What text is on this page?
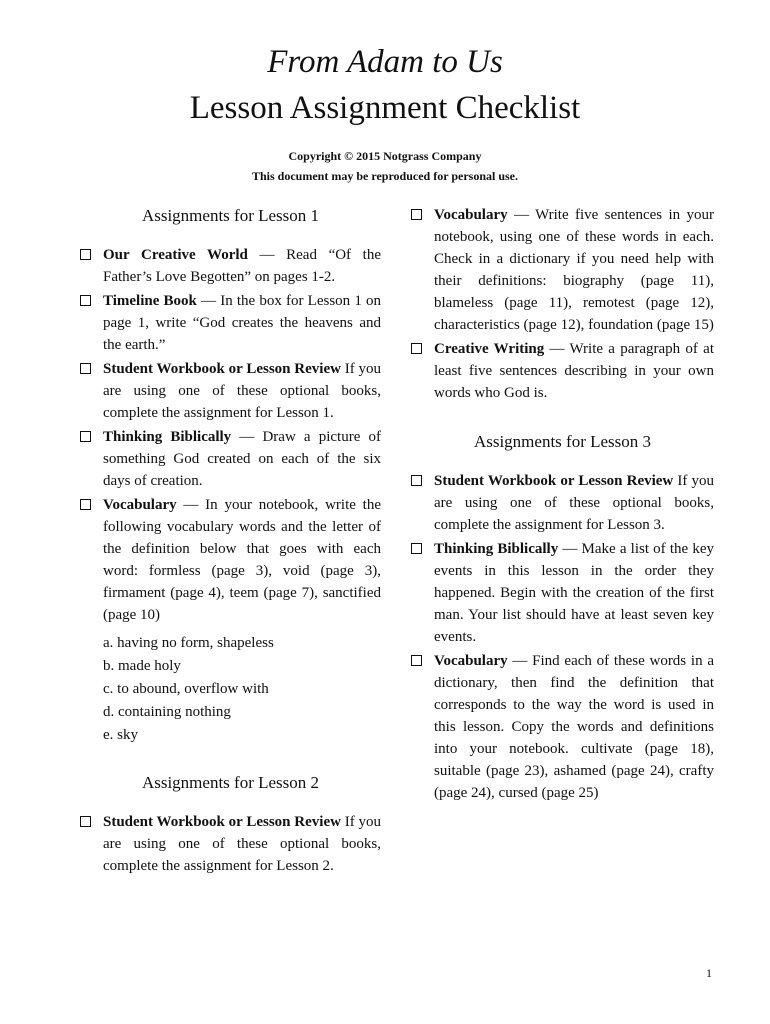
From Adam to Us
Lesson Assignment Checklist
Copyright © 2015 Notgrass Company
This document may be reproduced for personal use.

Assignments for Lesson 1

Our Creative World — Read “Of the Father’s Love Begotten” on pages 1-2.

Timeline Book — In the box for Lesson 1 on page 1, write “God creates the heavens and the earth.”

Student Workbook or Lesson Review If you are using one of these optional books, complete the assignment for Lesson 1.

Thinking Biblically — Draw a picture of something God created on each of the six days of creation.

Vocabulary — In your notebook, write the following vocabulary words and the letter of the definition below that goes with each word: formless (page 3), void (page 3), firmament (page 4), teem (page 7), sanctified (page 10)

a. having no form, shapeless

b. made holy

c. to abound, overflow with

d. containing nothing

e. sky

Assignments for Lesson 2

Student Workbook or Lesson Review If you are using one of these optional books, complete the assignment for Lesson 2.

Vocabulary — Write five sentences in your notebook, using one of these words in each. Check in a dictionary if you need help with their definitions: biography (page 11), blameless (page 11), remotest (page 12), characteristics (page 12), foundation (page 15)

Creative Writing — Write a paragraph of at least five sentences describing in your own words who God is.

Assignments for Lesson 3

Student Workbook or Lesson Review If you are using one of these optional books, complete the assignment for Lesson 3.

Thinking Biblically — Make a list of the key events in this lesson in the order they happened. Begin with the creation of the first man. Your list should have at least seven key events.

Vocabulary — Find each of these words in a dictionary, then find the definition that corresponds to the way the word is used in this lesson. Copy the words and definitions into your notebook. cultivate (page 18), suitable (page 23), ashamed (page 24), crafty (page 24), cursed (page 25)

1
